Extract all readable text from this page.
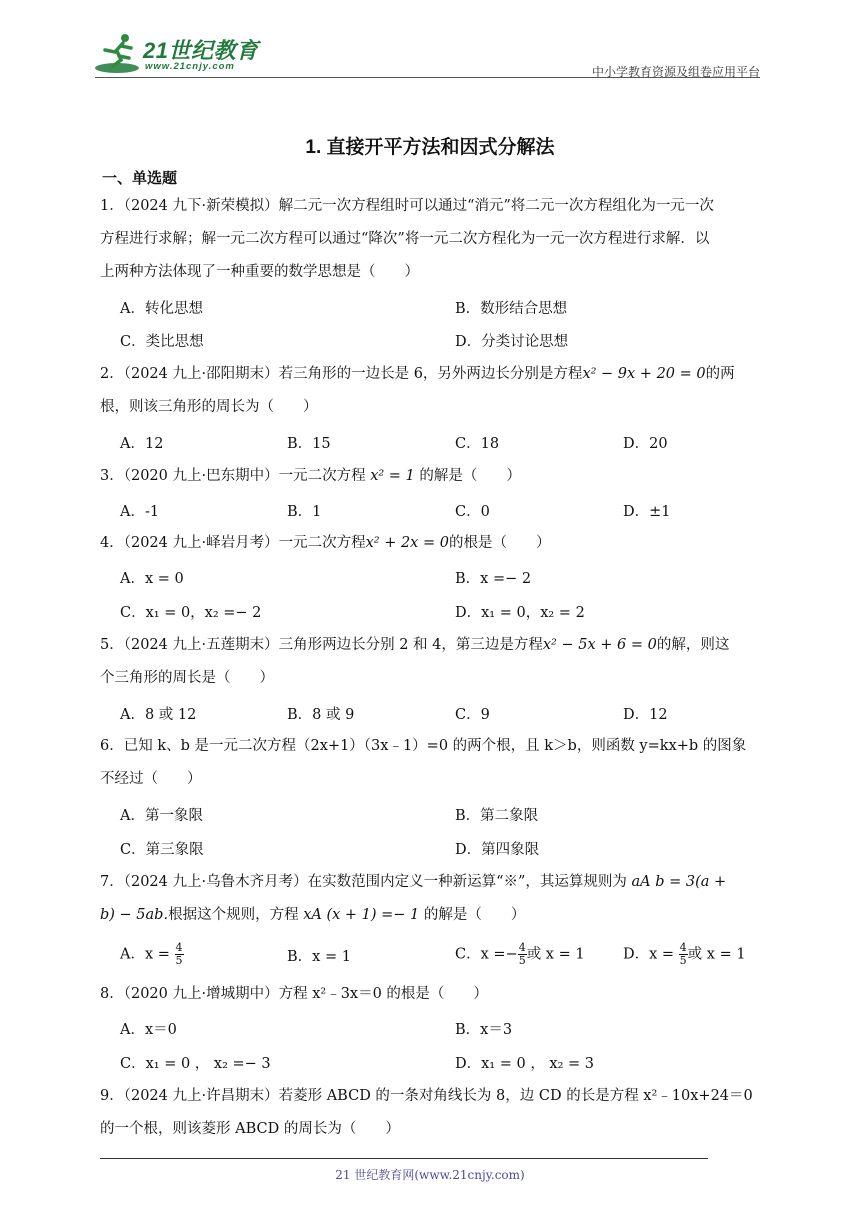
21世纪教育
www.21cnjy.com	中小学教育资源及组卷应用平台
1. 直接开平方法和因式分解法
一、单选题

1．（2024 九下·新荣模拟）解二元一次方程组时可以通过“消元”将二元一次方程组化为一元一次

方程进行求解；解一元二次方程可以通过“降次”将一元二次方程化为一元一次方程进行求解．以

上两种方法体现了一种重要的数学思想是（　　）

A．转化思想	B．数形结合思想
C．类比思想	D．分类讨论思想

2．（2024 九上·邵阳期末）若三角形的一边长是 6，另外两边长分别是方程x² − 9x + 20 = 0的两

根，则该三角形的周长为（　　）

A．12	B．15	C．18	D．20

3．（2020 九上·巴东期中）一元二次方程 x² = 1 的解是（　　）

A．-1	B．1	C．0	D．±1

4．（2024 九上·峄岩月考）一元二次方程x² + 2x = 0的根是（　　）

A．x = 0	B．x =− 2
C．x₁ = 0，x₂ =− 2	D．x₁ = 0，x₂ = 2

5．（2024 九上·五莲期末）三角形两边长分别 2 和 4，第三边是方程x² − 5x + 6 = 0的解，则这

个三角形的周长是（　　）

A．8 或 12	B．8 或 9	C．9	D．12

6．已知 k、b 是一元二次方程（2x+1）（3x﹣1）=0 的两个根，且 k＞b，则函数 y=kx+b 的图象

不经过（　　）

A．第一象限	B．第二象限
C．第三象限	D．第四象限

7．（2024 九上·乌鲁木齐月考）在实数范围内定义一种新运算“※”，其运算规则为 aA b = 3(a +

b) − 5ab.根据这个规则，方程 xA (x + 1) =− 1 的解是（　　）

A．$x = \frac{4}{5}$	B．x = 1	C．$x =- \frac{4}{5}$ 或 x = 1	D．$x = \frac{4}{5}$ 或 x = 1

8．（2020 九上·增城期中）方程 x²﹣3x＝0 的根是（　　）

A．x＝0	B．x＝3
C．x₁ = 0 ， x₂ =− 3	D．x₁ = 0 ， x₂ = 3

9．（2024 九上·许昌期末）若菱形 ABCD 的一条对角线长为 8，边 CD 的长是方程 x²﹣10x+24＝0

的一个根，则该菱形 ABCD 的周长为（　　）

21 世纪教育网(www.21cnjy.com)
